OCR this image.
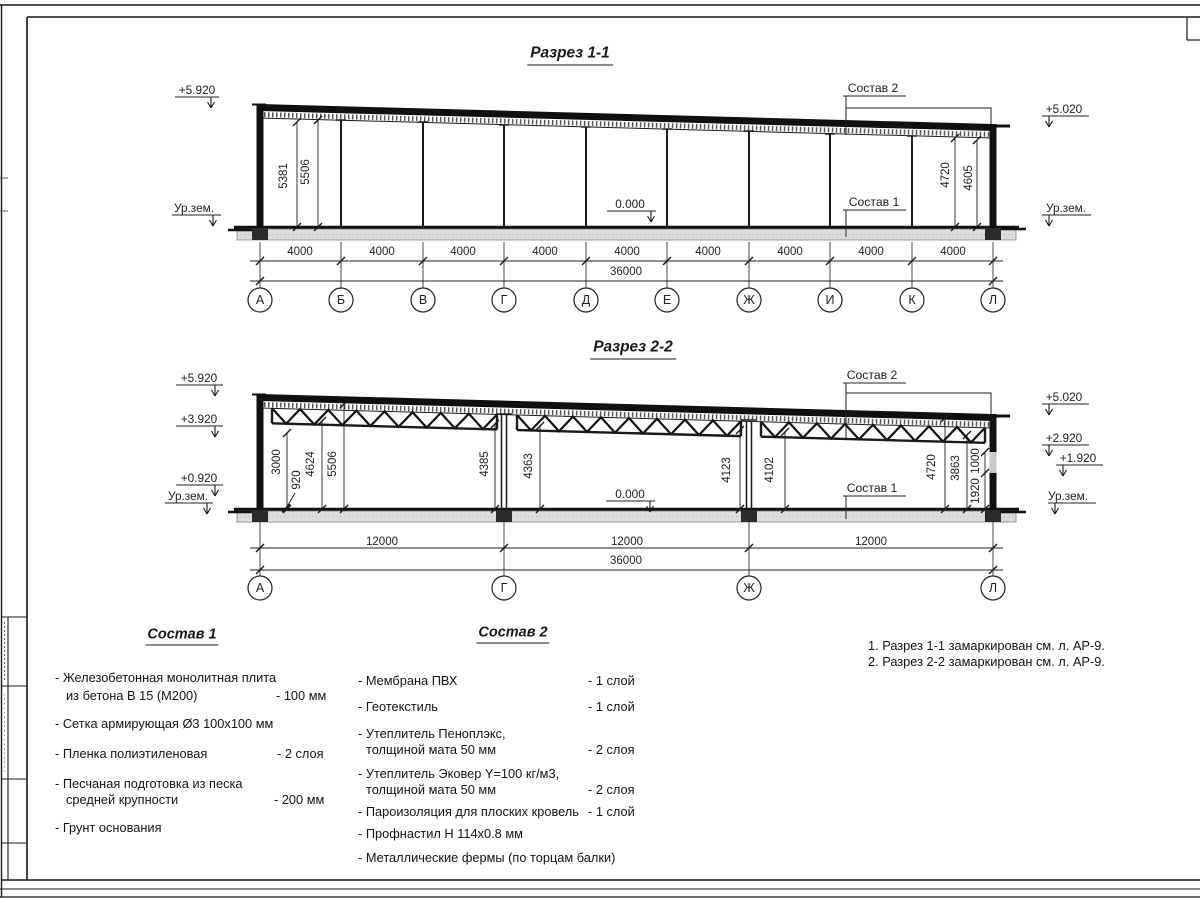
Разрез 1-1
+5.920
Ур.зем.
+5.020
Ур.зем.
0.000
Состав 2
Состав 1
5381 5506	4720 4605
4000	4000	4000	4000	4000	4000	4000	4000	4000
36000
А	Б	В	Г	Д	Е	Ж	И	К	Л
Разрез 2-2
+5.920
+3.920
+0.920
Ур.зем.
+5.020
+2.920
+1.920
Ур.зем.
0.000
Состав 2
Состав 1
3000
920
4624 5506	4385	4363	4123	4102	4720 3863
1920
1000
12000	12000	12000
36000
А	Г	Ж	Л
Состав 1
- Железобетонная монолитная плита
из бетона В 15 (М200)	- 100 мм
- Сетка армирующая Ø3 100х100 мм
- Пленка полиэтиленовая	- 2 слоя
- Песчаная подготовка из песка
средней крупности	- 200 мм
- Грунт основания
Состав 2
- Мембрана ПВХ	- 1 слой
- Геотекстиль	- 1 слой
- Утеплитель Пеноплэкс,
толщиной мата 50 мм	- 2 слоя
- Утеплитель Эковер Y=100 кг/м3,
толщиной мата 50 мм	- 2 слоя
- Пароизоляция для плоских кровель - 1 слой
- Профнастил Н 114х0.8 мм
- Металлические фермы (по торцам балки)
1. Разрез 1-1 замаркирован см. л. АР-9.
2. Разрез 2-2 замаркирован см. л. АР-9.
